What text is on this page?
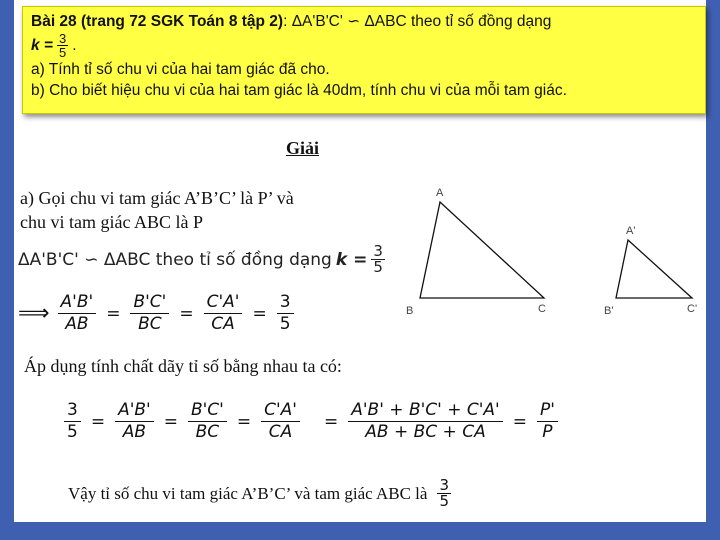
Bài 28 (trang 72 SGK Toán 8 tập 2): ΔA'B'C' ∽ ΔABC theo tỉ số đồng dạng
$k = \frac{3}{5}$ .
a) Tính tỉ số chu vi của hai tam giác đã cho.
b) Cho biết hiệu chu vi của hai tam giác là 40dm, tính chu vi của mỗi tam giác.
Giải
a) Gọi chu vi tam giác A’B’C’ là P’ và
chu vi tam giác ABC là P
ΔA'B'C' ∽ ΔABC theo tỉ số đồng dạng $k = \frac{3}{5}$
⟹ $\frac{A'B'}{AB} = \frac{B'C'}{BC} = \frac{C'A'}{CA} = \frac{3}{5}$
Áp dụng tính chất dãy tỉ số bằng nhau ta có:
$\frac{3}{5} = \frac{A'B'}{AB} = \frac{B'C'}{BC} = \frac{C'A'}{CA} = \frac{A'B' + B'C' + C'A'}{AB + BC + CA} = \frac{P'}{P}$
Vậy tỉ số chu vi tam giác A’B’C’ và tam giác ABC là $\frac{3}{5}$
A
B	C
A'
B'	C'
